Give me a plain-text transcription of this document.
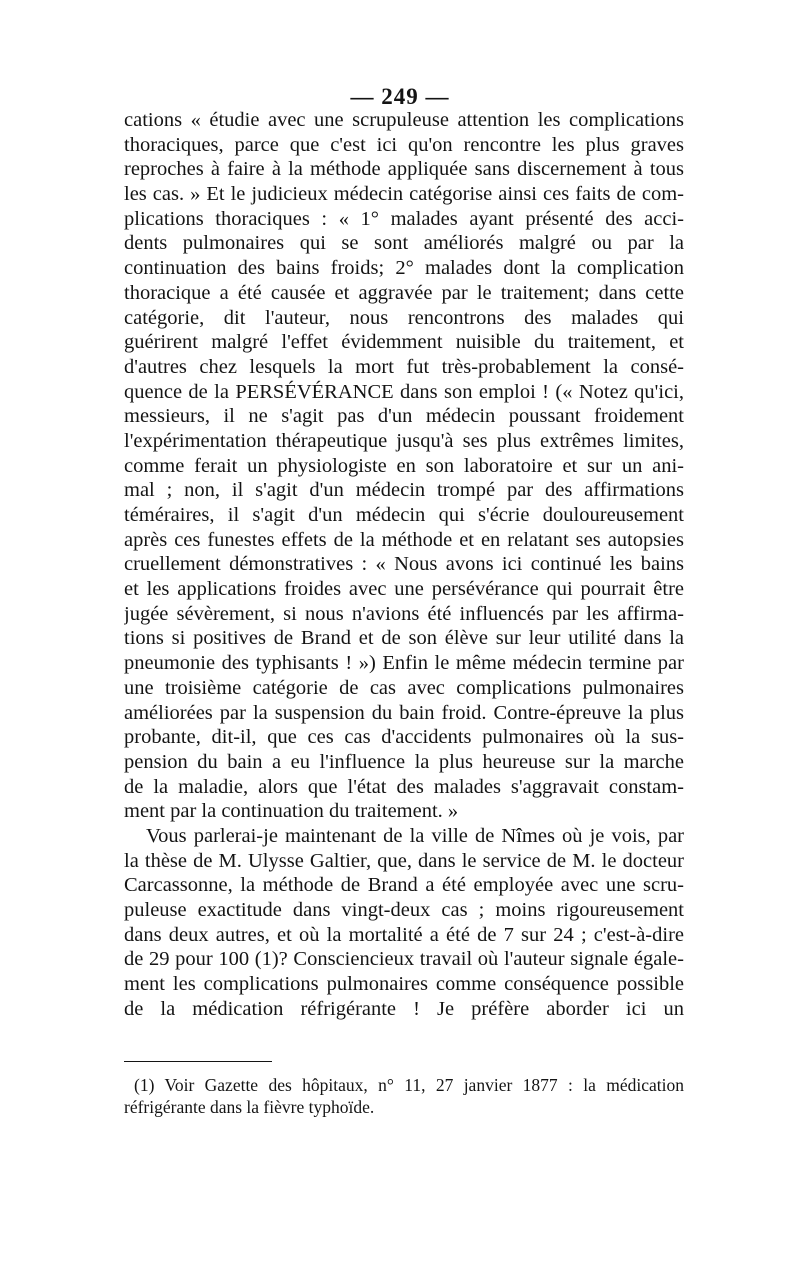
— 249 —
cations « étudie avec une scrupuleuse attention les complications
thoraciques, parce que c'est ici qu'on rencontre les plus graves
reproches à faire à la méthode appliquée sans discernement à tous
les cas. » Et le judicieux médecin catégorise ainsi ces faits de com-
plications thoraciques : « 1° malades ayant présenté des acci-
dents pulmonaires qui se sont améliorés malgré ou par la
continuation des bains froids; 2° malades dont la complication
thoracique a été causée et aggravée par le traitement; dans cette
catégorie, dit l'auteur, nous rencontrons des malades qui
guérirent malgré l'effet évidemment nuisible du traitement, et
d'autres chez lesquels la mort fut très-probablement la consé-
quence de la PERSÉVÉRANCE dans son emploi ! (« Notez qu'ici,
messieurs, il ne s'agit pas d'un médecin poussant froidement
l'expérimentation thérapeutique jusqu'à ses plus extrêmes limites,
comme ferait un physiologiste en son laboratoire et sur un ani-
mal ; non, il s'agit d'un médecin trompé par des affirmations
téméraires, il s'agit d'un médecin qui s'écrie douloureusement
après ces funestes effets de la méthode et en relatant ses autopsies
cruellement démonstratives : « Nous avons ici continué les bains
et les applications froides avec une persévérance qui pourrait être
jugée sévèrement, si nous n'avions été influencés par les affirma-
tions si positives de Brand et de son élève sur leur utilité dans la
pneumonie des typhisants ! ») Enfin le même médecin termine par
une troisième catégorie de cas avec complications pulmonaires
améliorées par la suspension du bain froid. Contre-épreuve la plus
probante, dit-il, que ces cas d'accidents pulmonaires où la sus-
pension du bain a eu l'influence la plus heureuse sur la marche
de la maladie, alors que l'état des malades s'aggravait constam-
ment par la continuation du traitement. »
Vous parlerai-je maintenant de la ville de Nîmes où je vois, par
la thèse de M. Ulysse Galtier, que, dans le service de M. le docteur
Carcassonne, la méthode de Brand a été employée avec une scru-
puleuse exactitude dans vingt-deux cas ; moins rigoureusement
dans deux autres, et où la mortalité a été de 7 sur 24 ; c'est-à-dire
de 29 pour 100 (1)? Consciencieux travail où l'auteur signale égale-
ment les complications pulmonaires comme conséquence possible
de la médication réfrigérante ! Je préfère aborder ici un
(1) Voir Gazette des hôpitaux, n° 11, 27 janvier 1877 : la médication
réfrigérante dans la fièvre typhoïde.
